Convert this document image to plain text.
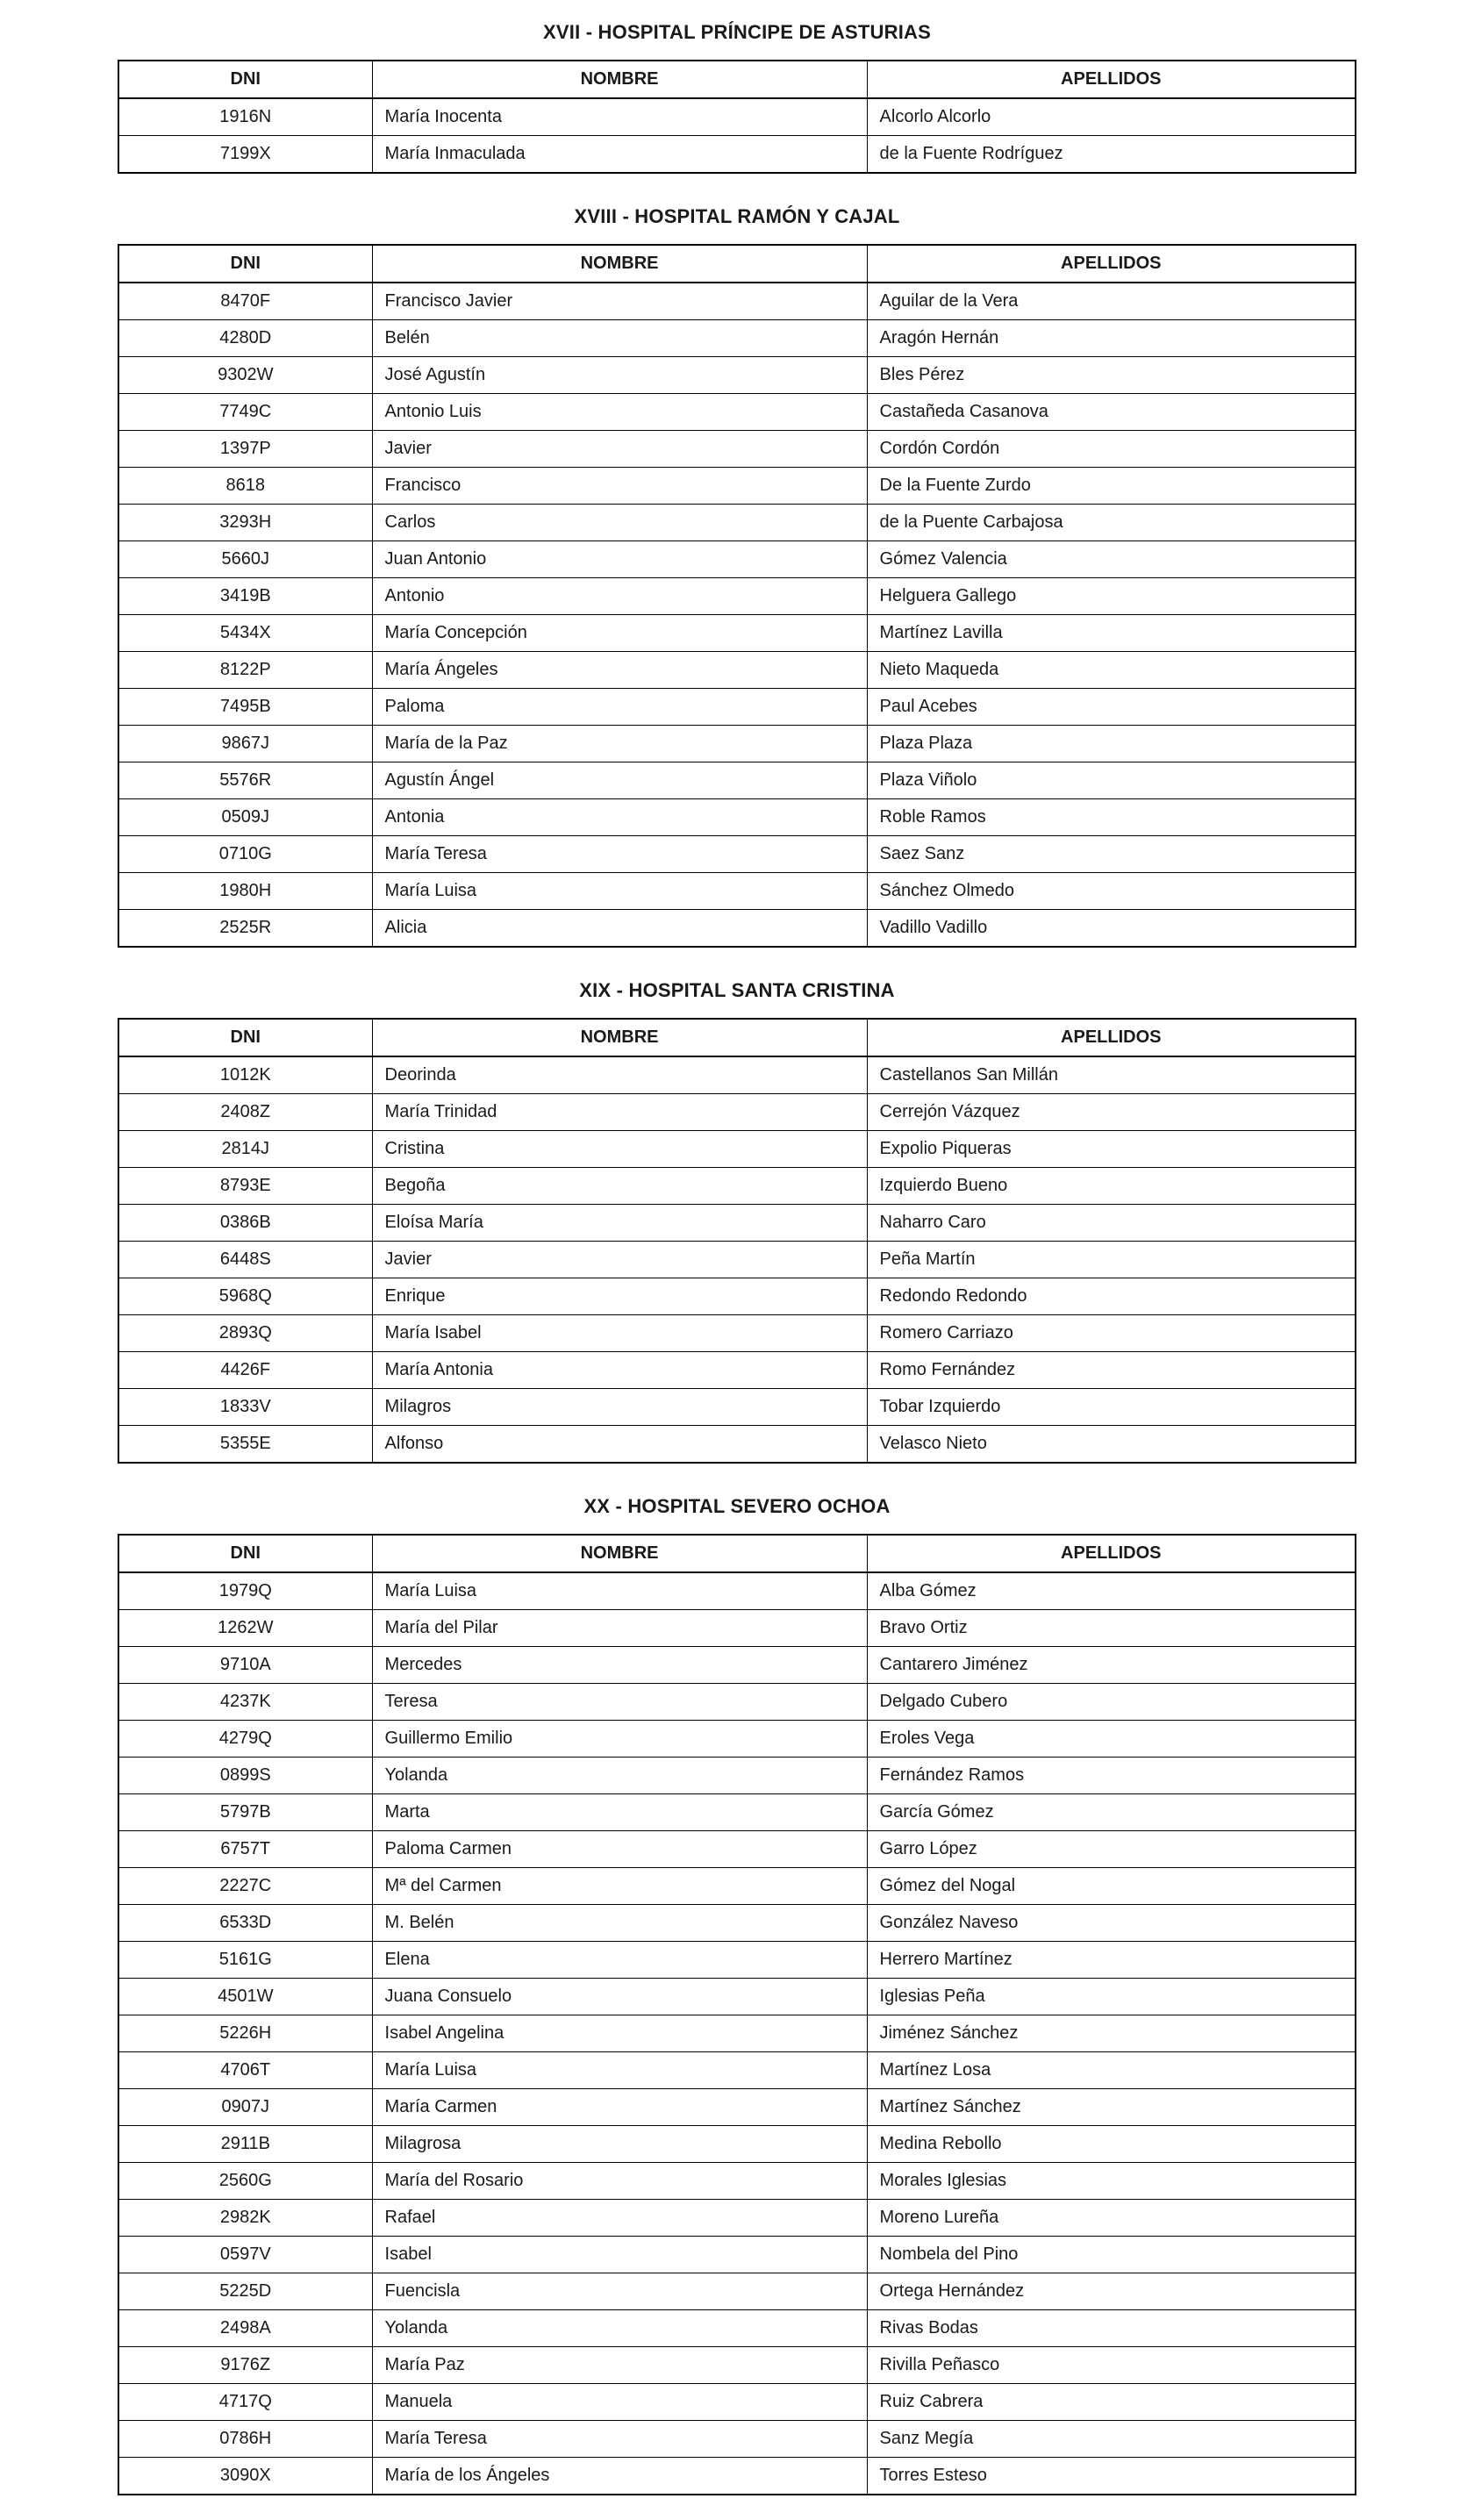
XVII - HOSPITAL PRÍNCIPE DE ASTURIAS
DNI	NOMBRE	APELLIDOS
1916N	María Inocenta	Alcorlo Alcorlo
7199X	María Inmaculada	de la Fuente Rodríguez
XVIII - HOSPITAL RAMÓN Y CAJAL
DNI	NOMBRE	APELLIDOS
8470F	Francisco Javier	Aguilar de la Vera
4280D	Belén	Aragón Hernán
9302W	José Agustín	Bles Pérez
7749C	Antonio Luis	Castañeda Casanova
1397P	Javier	Cordón Cordón
8618	Francisco	De la Fuente Zurdo
3293H	Carlos	de la Puente Carbajosa
5660J	Juan Antonio	Gómez Valencia
3419B	Antonio	Helguera Gallego
5434X	María Concepción	Martínez Lavilla
8122P	María Ángeles	Nieto Maqueda
7495B	Paloma	Paul Acebes
9867J	María de la Paz	Plaza Plaza
5576R	Agustín Ángel	Plaza Viñolo
0509J	Antonia	Roble Ramos
0710G	María Teresa	Saez Sanz
1980H	María Luisa	Sánchez Olmedo
2525R	Alicia	Vadillo Vadillo
XIX - HOSPITAL SANTA CRISTINA
DNI	NOMBRE	APELLIDOS
1012K	Deorinda	Castellanos San Millán
2408Z	María Trinidad	Cerrejón Vázquez
2814J	Cristina	Expolio Piqueras
8793E	Begoña	Izquierdo Bueno
0386B	Eloísa María	Naharro Caro
6448S	Javier	Peña Martín
5968Q	Enrique	Redondo Redondo
2893Q	María Isabel	Romero Carriazo
4426F	María Antonia	Romo Fernández
1833V	Milagros	Tobar Izquierdo
5355E	Alfonso	Velasco Nieto
XX - HOSPITAL SEVERO OCHOA
DNI	NOMBRE	APELLIDOS
1979Q	María Luisa	Alba Gómez
1262W	María del Pilar	Bravo Ortiz
9710A	Mercedes	Cantarero Jiménez
4237K	Teresa	Delgado Cubero
4279Q	Guillermo Emilio	Eroles Vega
0899S	Yolanda	Fernández Ramos
5797B	Marta	García Gómez
6757T	Paloma Carmen	Garro López
2227C	Mª del Carmen	Gómez del Nogal
6533D	M. Belén	González Naveso
5161G	Elena	Herrero Martínez
4501W	Juana Consuelo	Iglesias Peña
5226H	Isabel Angelina	Jiménez Sánchez
4706T	María Luisa	Martínez Losa
0907J	María Carmen	Martínez Sánchez
2911B	Milagrosa	Medina Rebollo
2560G	María del Rosario	Morales Iglesias
2982K	Rafael	Moreno Lureña
0597V	Isabel	Nombela del Pino
5225D	Fuencisla	Ortega Hernández
2498A	Yolanda	Rivas Bodas
9176Z	María Paz	Rivilla Peñasco
4717Q	Manuela	Ruiz Cabrera
0786H	María Teresa	Sanz Megía
3090X	María de los Ángeles	Torres Esteso
